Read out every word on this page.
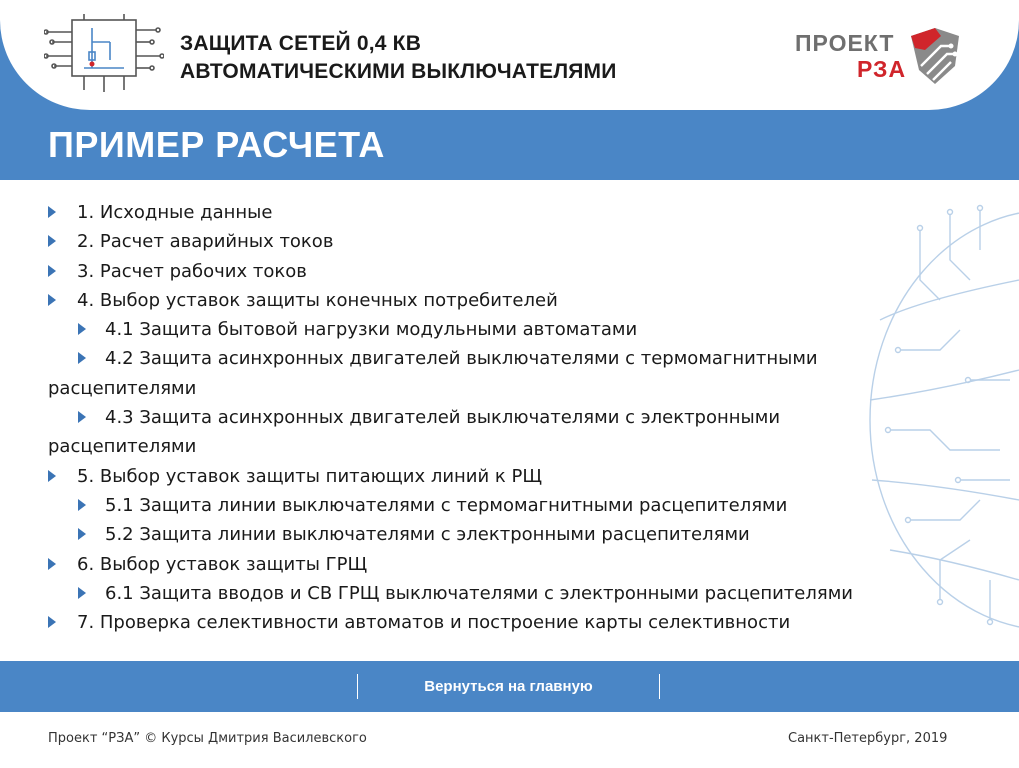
ЗАЩИТА СЕТЕЙ 0,4 КВ
АВТОМАТИЧЕСКИМИ ВЫКЛЮЧАТЕЛЯМИ
ПРОЕКТ
РЗА
ПРИМЕР РАСЧЕТА
1. Исходные данные
2. Расчет аварийных токов
3. Расчет рабочих токов
4. Выбор уставок защиты конечных потребителей
4.1 Защита бытовой нагрузки модульными автоматами
4.2 Защита асинхронных двигателей выключателями с термомагнитными
расцепителями
4.3 Защита асинхронных двигателей выключателями с электронными
расцепителями
5. Выбор уставок защиты питающих линий к РЩ
5.1 Защита линии выключателями с термомагнитными расцепителями
5.2 Защита линии выключателями с электронными расцепителями
6. Выбор уставок защиты ГРЩ
6.1 Защита вводов и СВ ГРЩ выключателями с электронными расцепителями
7. Проверка селективности автоматов и построение карты селективности
Вернуться на главную
Проект “РЗА” © Курсы Дмитрия Василевского	Санкт-Петербург, 2019
